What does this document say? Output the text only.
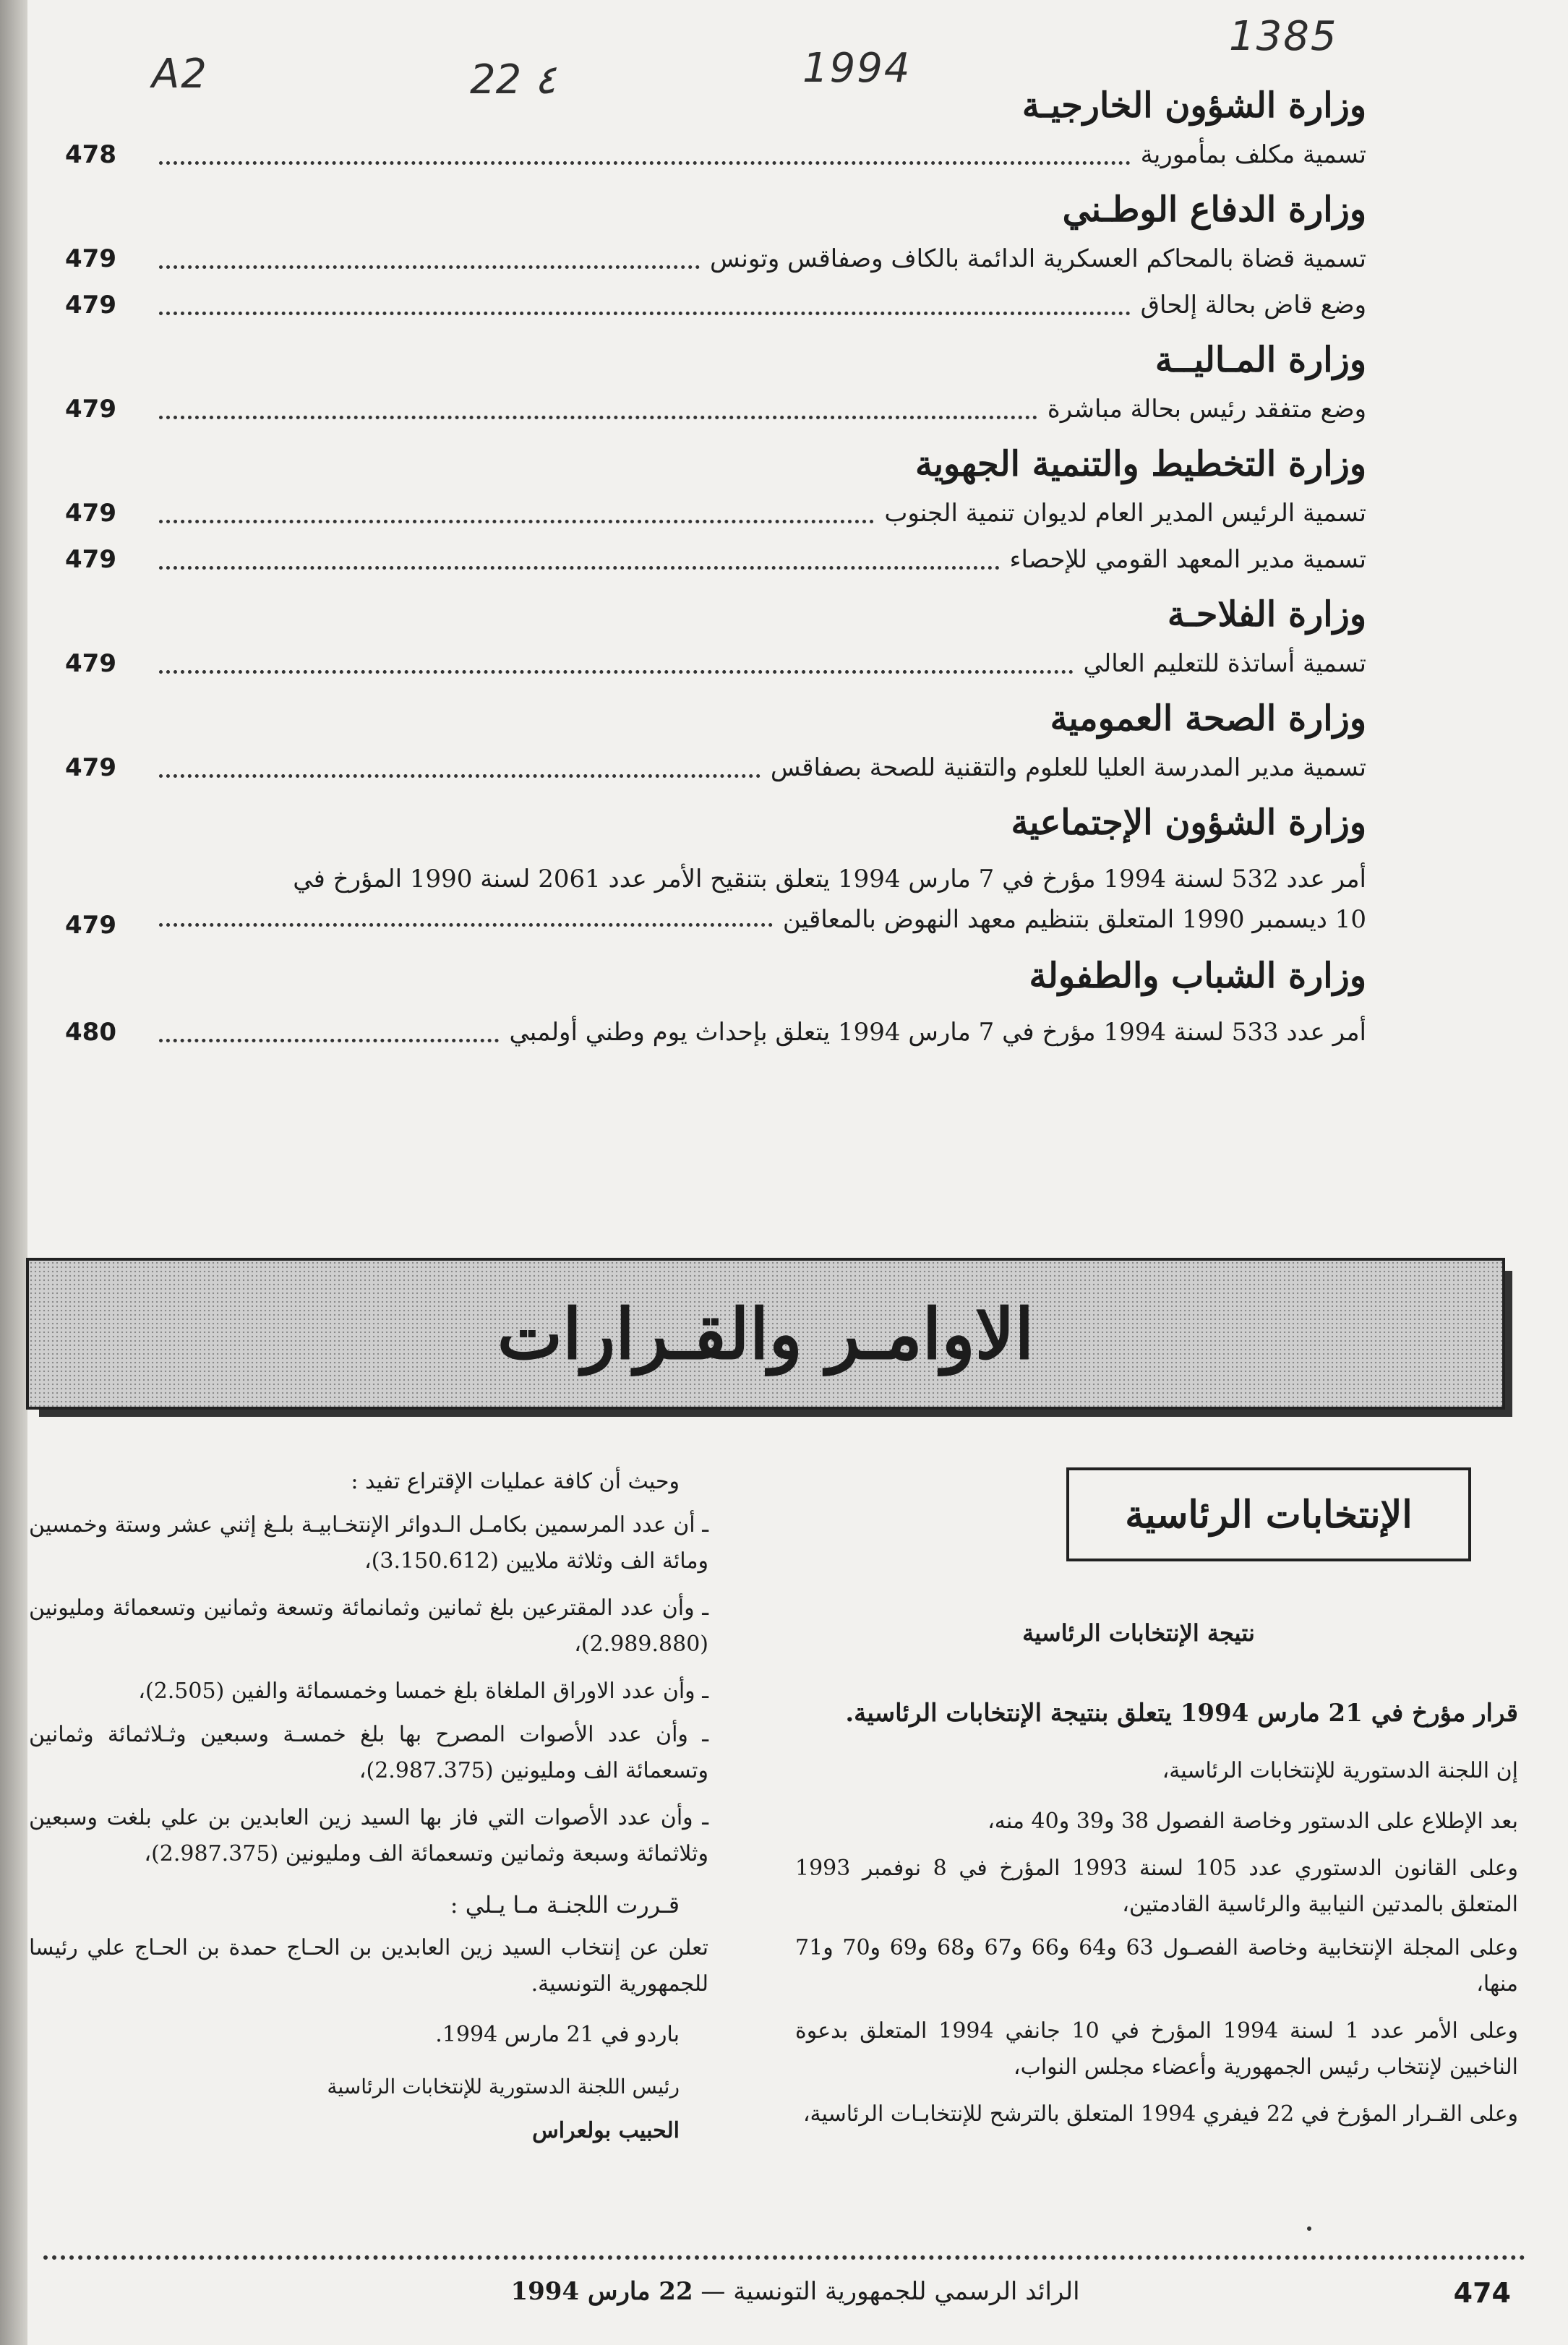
A2	22 ٤	1994
1385
وزارة الشؤون الخارجيـة
تسمية مكلف بمأمورية
478
وزارة الدفاع الوطـني
تسمية قضاة بالمحاكم العسكرية الدائمة بالكاف وصفاقس وتونس
479
وضع قاض بحالة إلحاق
479
وزارة المـاليــة
وضع متفقد رئيس بحالة مباشرة
479
وزارة التخطيط والتنمية الجهوية
تسمية الرئيس المدير العام لديوان تنمية الجنوب
479
تسمية مدير المعهد القومي للإحصاء
479
وزارة الفلاحـة
تسمية أساتذة للتعليم العالي
479
وزارة الصحة العمومية
تسمية مدير المدرسة العليا للعلوم والتقنية للصحة بصفاقس
479
وزارة الشؤون الإجتماعية
أمر عدد 532 لسنة 1994 مؤرخ في 7 مارس 1994 يتعلق بتنقيح الأمر عدد 2061 لسنة 1990 المؤرخ في
10 ديسمبر 1990 المتعلق بتنظيم معهد النهوض بالمعاقين
479
وزارة الشباب والطفولة
أمر عدد 533 لسنة 1994 مؤرخ في 7 مارس 1994 يتعلق بإحداث يوم وطني أولمبي
480
الاوامـر والقـرارات
الإنتخابات الرئاسية
نتيجة الإنتخابات الرئاسية
قرار مؤرخ في 21 مارس 1994 يتعلق بنتيجة الإنتخابات الرئاسية.
إن اللجنة الدستورية للإنتخابات الرئاسية،
بعد الإطلاع على الدستور وخاصة الفصول 38 و39 و40 منه،
وعلى القانون الدستوري عدد 105 لسنة 1993 المؤرخ في 8 نوفمبر 1993 المتعلق بالمدتين النيابية والرئاسية القادمتين،
وعلى المجلة الإنتخابية وخاصة الفصـول 63 و64 و66 و67 و68 و69 و70 و71 منها،
وعلى الأمر عدد 1 لسنة 1994 المؤرخ في 10 جانفي 1994 المتعلق بدعوة الناخبين لإنتخاب رئيس الجمهورية وأعضاء مجلس النواب،
وعلى القـرار المؤرخ في 22 فيفري 1994 المتعلق بالترشح للإنتخابـات الرئاسية،
وحيث أن كافة عمليات الإقتراع تفيد :
ـ أن عدد المرسمين بكامـل الـدوائر الإنتخـابيـة بلـغ إثني عشر وستة وخمسين ومائة الف وثلاثة ملايين (3.150.612)،
ـ وأن عدد المقترعين بلغ ثمانين وثمانمائة وتسعة وثمانين وتسعمائة ومليونين (2.989.880)،
ـ وأن عدد الاوراق الملغاة بلغ خمسا وخمسمائة والفين (2.505)،
ـ وأن عدد الأصوات المصرح بها بلغ خمسـة وسبعين وثـلاثمائة وثمانين وتسعمائة الف ومليونين (2.987.375)،
ـ وأن عدد الأصوات التي فاز بها السيد زين العابدين بن علي بلغت وسبعين وثلاثمائة وسبعة وثمانين وتسعمائة الف ومليونين (2.987.375)،
قـررت اللجنـة مـا يـلي :
تعلن عن إنتخاب السيد زين العابدين بن الحـاج حمدة بن الحـاج علي رئيسا للجمهورية التونسية.
باردو في 21 مارس 1994.
رئيس اللجنة الدستورية للإنتخابات الرئاسية
الحبيب بولعراس
474
الرائد الرسمي للجمهورية التونسية — 22 مارس 1994
